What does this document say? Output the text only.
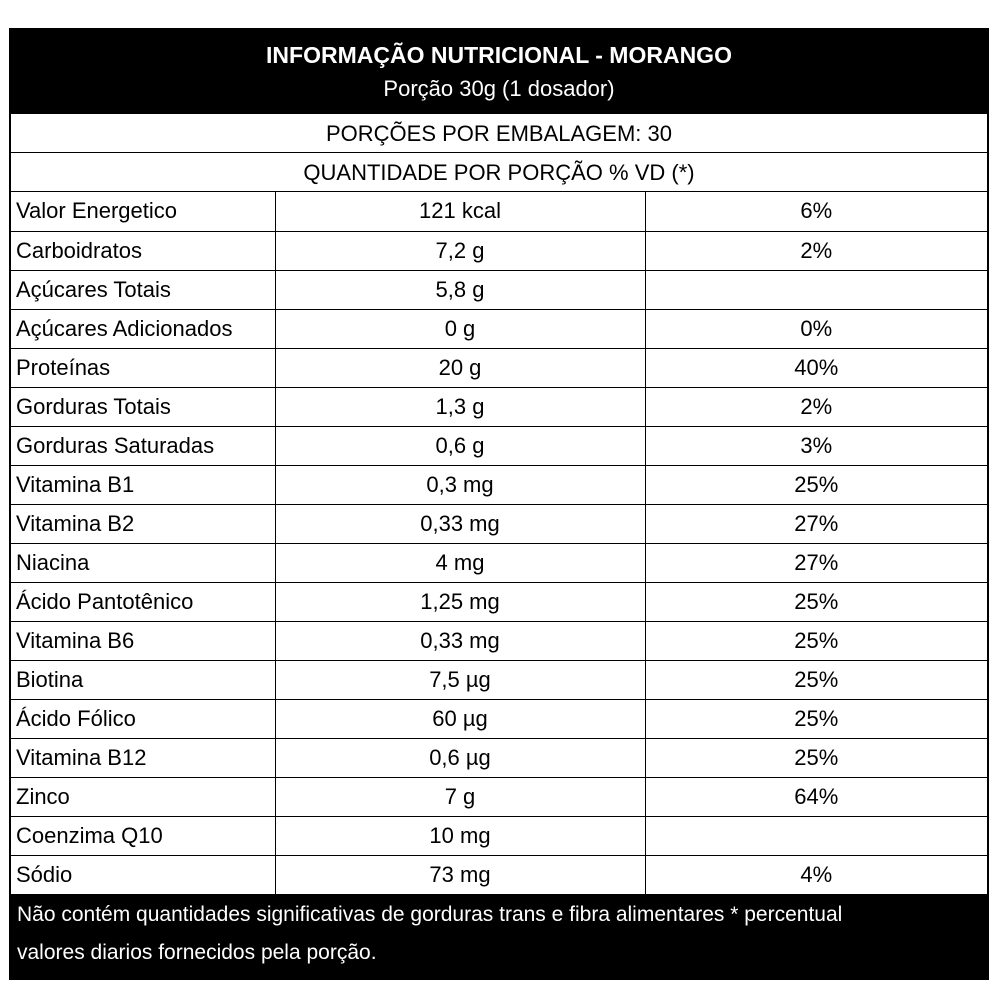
INFORMAÇÃO NUTRICIONAL - MORANGO
Porção 30g (1 dosador)
PORÇÕES POR EMBALAGEM: 30
QUANTIDADE POR PORÇÃO % VD (*)
Valor Energetico	121 kcal	6%
Carboidratos	7,2 g	2%
Açúcares Totais	5,8 g	
Açúcares Adicionados	0 g	0%
Proteínas	20 g	40%
Gorduras Totais	1,3 g	2%
Gorduras Saturadas	0,6 g	3%
Vitamina B1	0,3 mg	25%
Vitamina B2	0,33 mg	27%
Niacina	4 mg	27%
Ácido Pantotênico	1,25 mg	25%
Vitamina B6	0,33 mg	25%
Biotina	7,5 µg	25%
Ácido Fólico	60 µg	25%
Vitamina B12	0,6 µg	25%
Zinco	7 g	64%
Coenzima Q10	10 mg	
Sódio	73 mg	4%
Não contém quantidades significativas de gorduras trans e fibra alimentares * percentual
valores diarios fornecidos pela porção.
